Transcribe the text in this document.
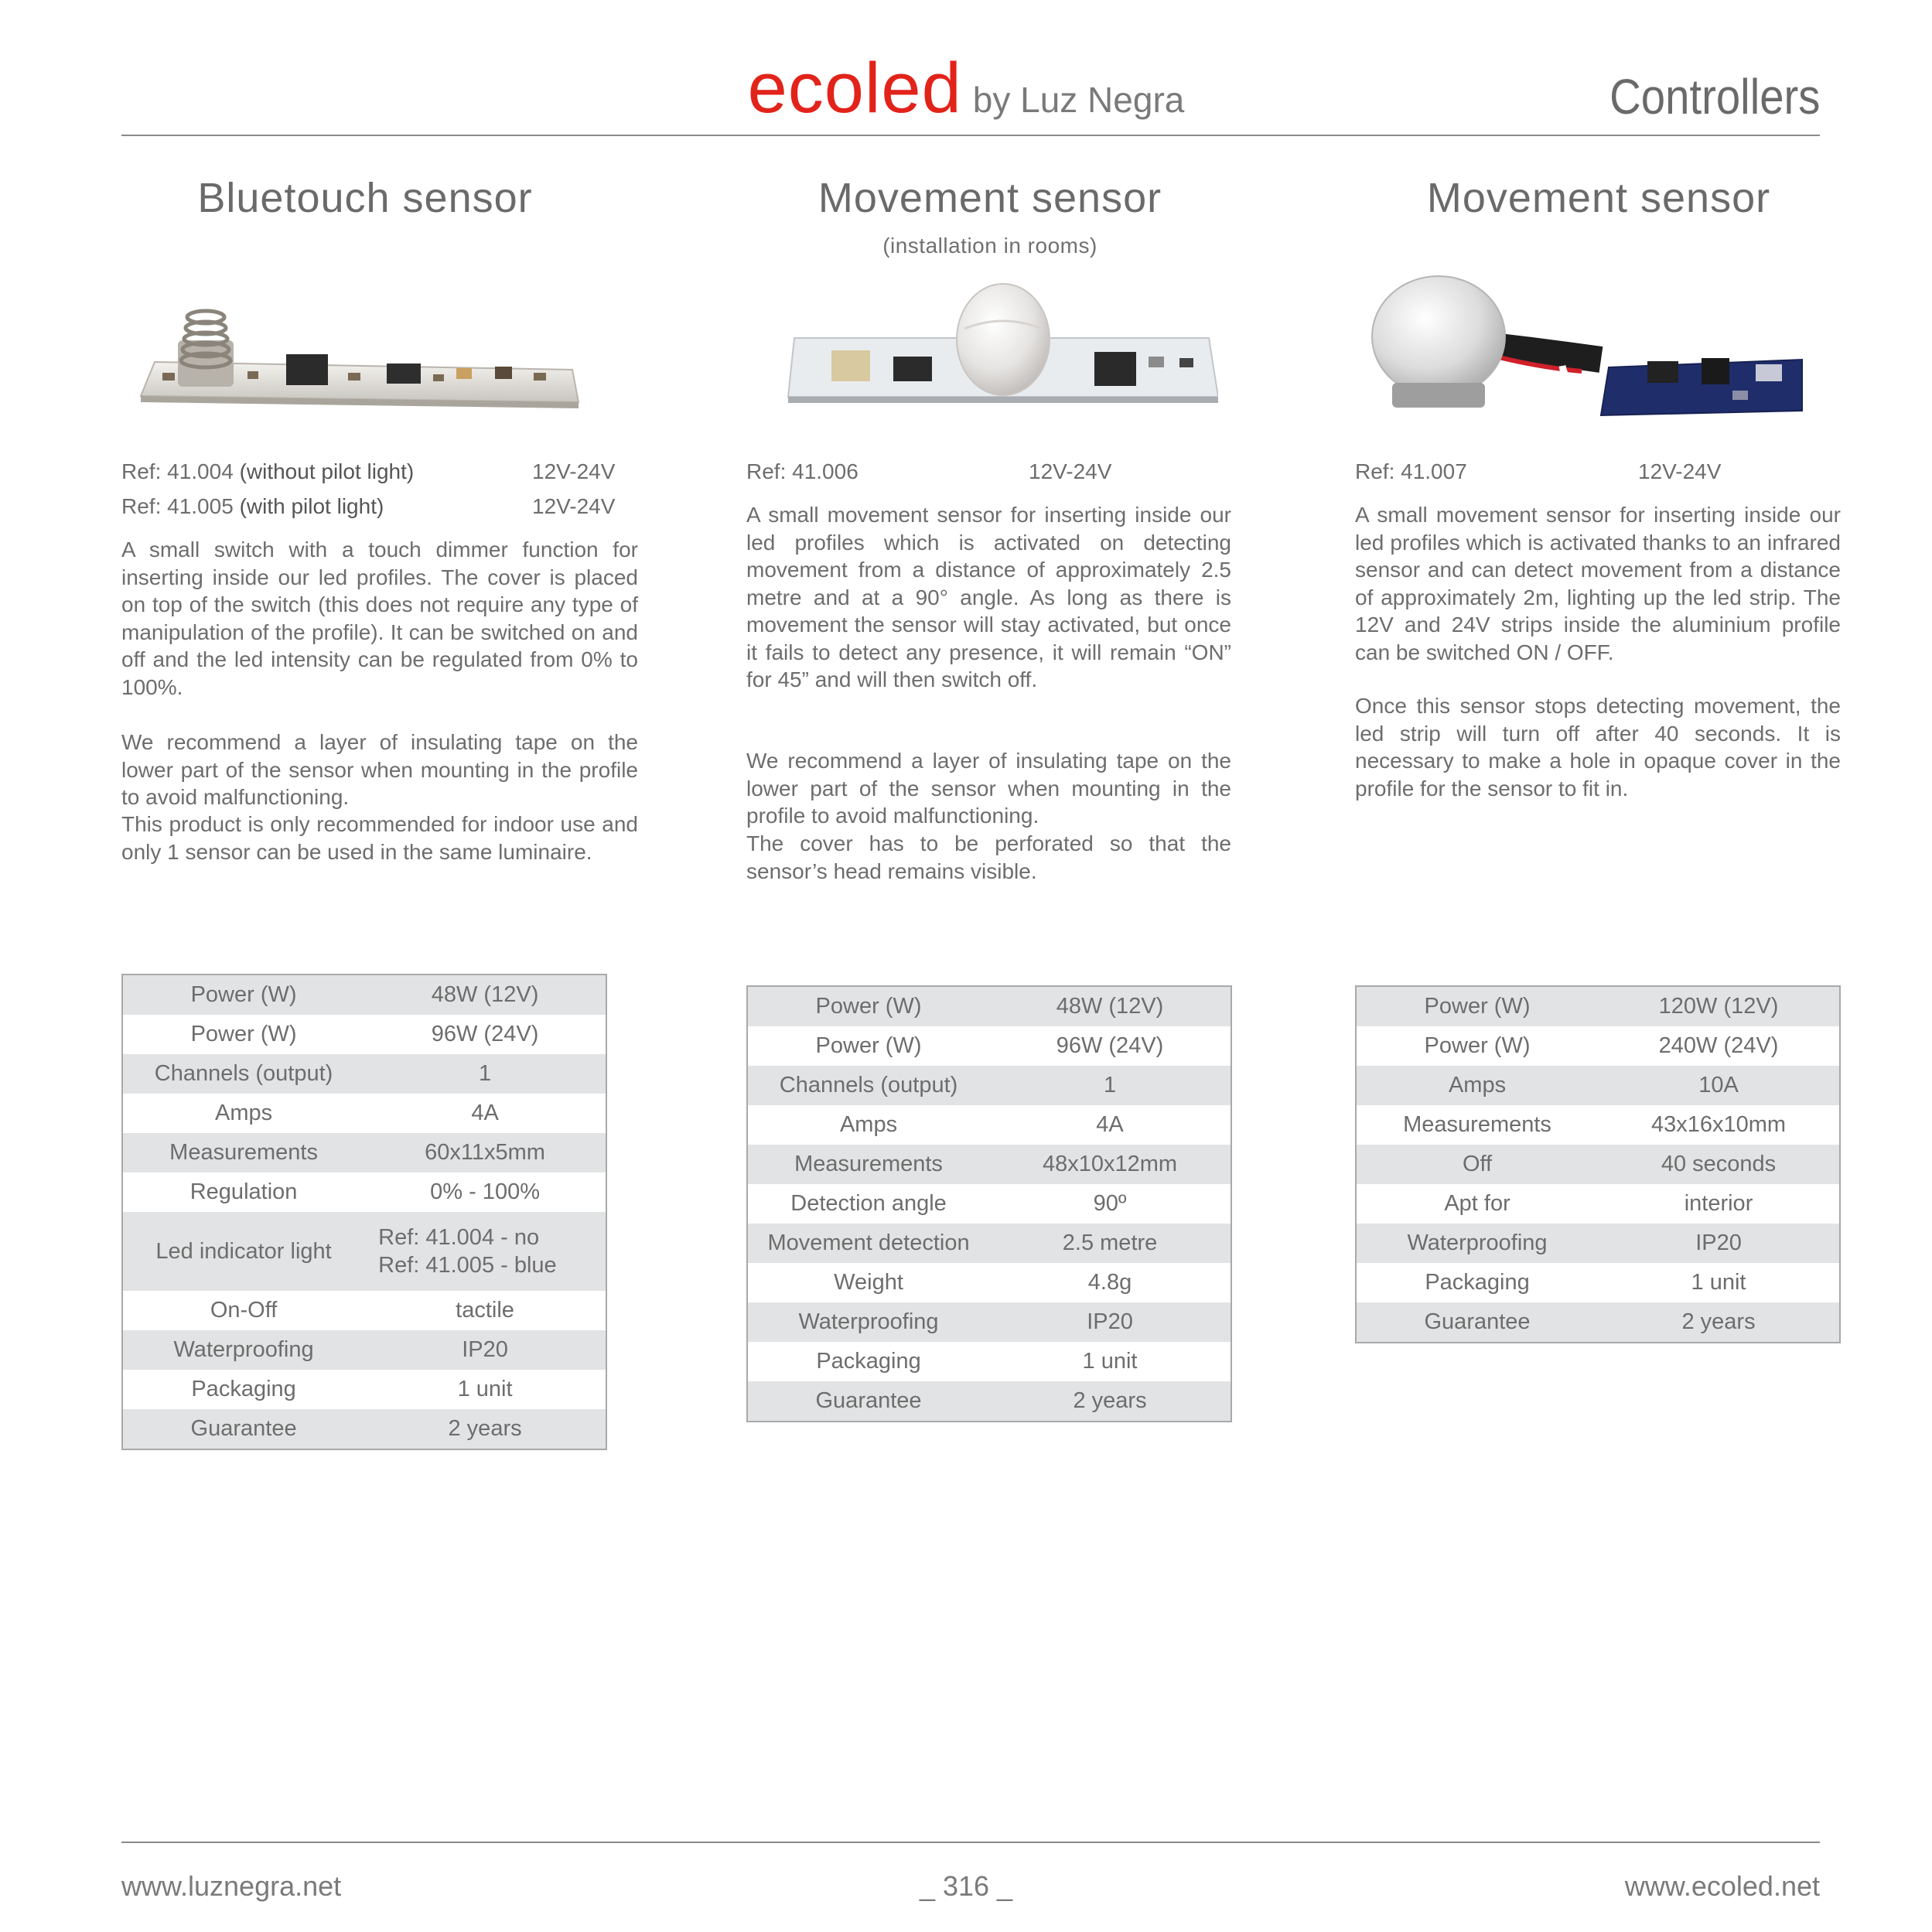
ecoled by Luz Negra	Controllers
Bluetouch sensor
Ref: 41.004 (without pilot light)	12V-24V
Ref: 41.005 (with pilot light)	12V-24V

A small switch with a touch dimmer function for inserting inside our led profiles. The cover is placed on top of the switch (this does not require any type of manipulation of the profile). It can be switched on and off and the led intensity can be regulated from 0% to 100%.

We recommend a layer of insulating tape on the lower part of the sensor when mounting in the profile to avoid malfunctioning.

This product is only recommended for indoor use and only 1 sensor can be used in the same luminaire.

Power (W)	48W (12V)
Power (W)	96W (24V)
Channels (output)	1
Amps	4A
Measurements	60x11x5mm
Regulation	0% - 100%
Led indicator light	Ref: 41.004 - no
Ref: 41.005 - blue

On-Off	tactile
Waterproofing	IP20
Packaging	1 unit
Guarantee	2 years
Movement sensor
(installation in rooms)
Ref: 41.006	12V-24V

A small movement sensor for inserting inside our led profiles which is activated on detecting movement from a distance of approximately 2.5 metre and at a 90° angle. As long as there is movement the sensor will stay activated, but once it fails to detect any presence, it will remain “ON” for 45” and will then switch off.

We recommend a layer of insulating tape on the lower part of the sensor when mounting in the profile to avoid malfunctioning.

The cover has to be perforated so that the sensor’s head remains visible.

Power (W)	48W (12V)
Power (W)	96W (24V)
Channels (output)	1
Amps	4A
Measurements	48x10x12mm
Detection angle	90º
Movement detection	2.5 metre
Weight	4.8g
Waterproofing	IP20
Packaging	1 unit
Guarantee	2 years
Movement sensor
Ref: 41.007	12V-24V

A small movement sensor for inserting inside our led profiles which is activated thanks to an infrared sensor and can detect movement from a distance of approximately 2m, lighting up the led strip. The 12V and 24V strips inside the aluminium profile can be switched ON / OFF.

Once this sensor stops detecting movement, the led strip will turn off after 40 seconds. It is necessary to make a hole in opaque cover in the profile for the sensor to fit in.

Power (W)	120W (12V)
Power (W)	240W (24V)
Amps	10A
Measurements	43x16x10mm
Off	40 seconds
Apt for	interior
Waterproofing	IP20
Packaging	1 unit
Guarantee	2 years
www.luznegra.net	_ 316 _	www.ecoled.net
